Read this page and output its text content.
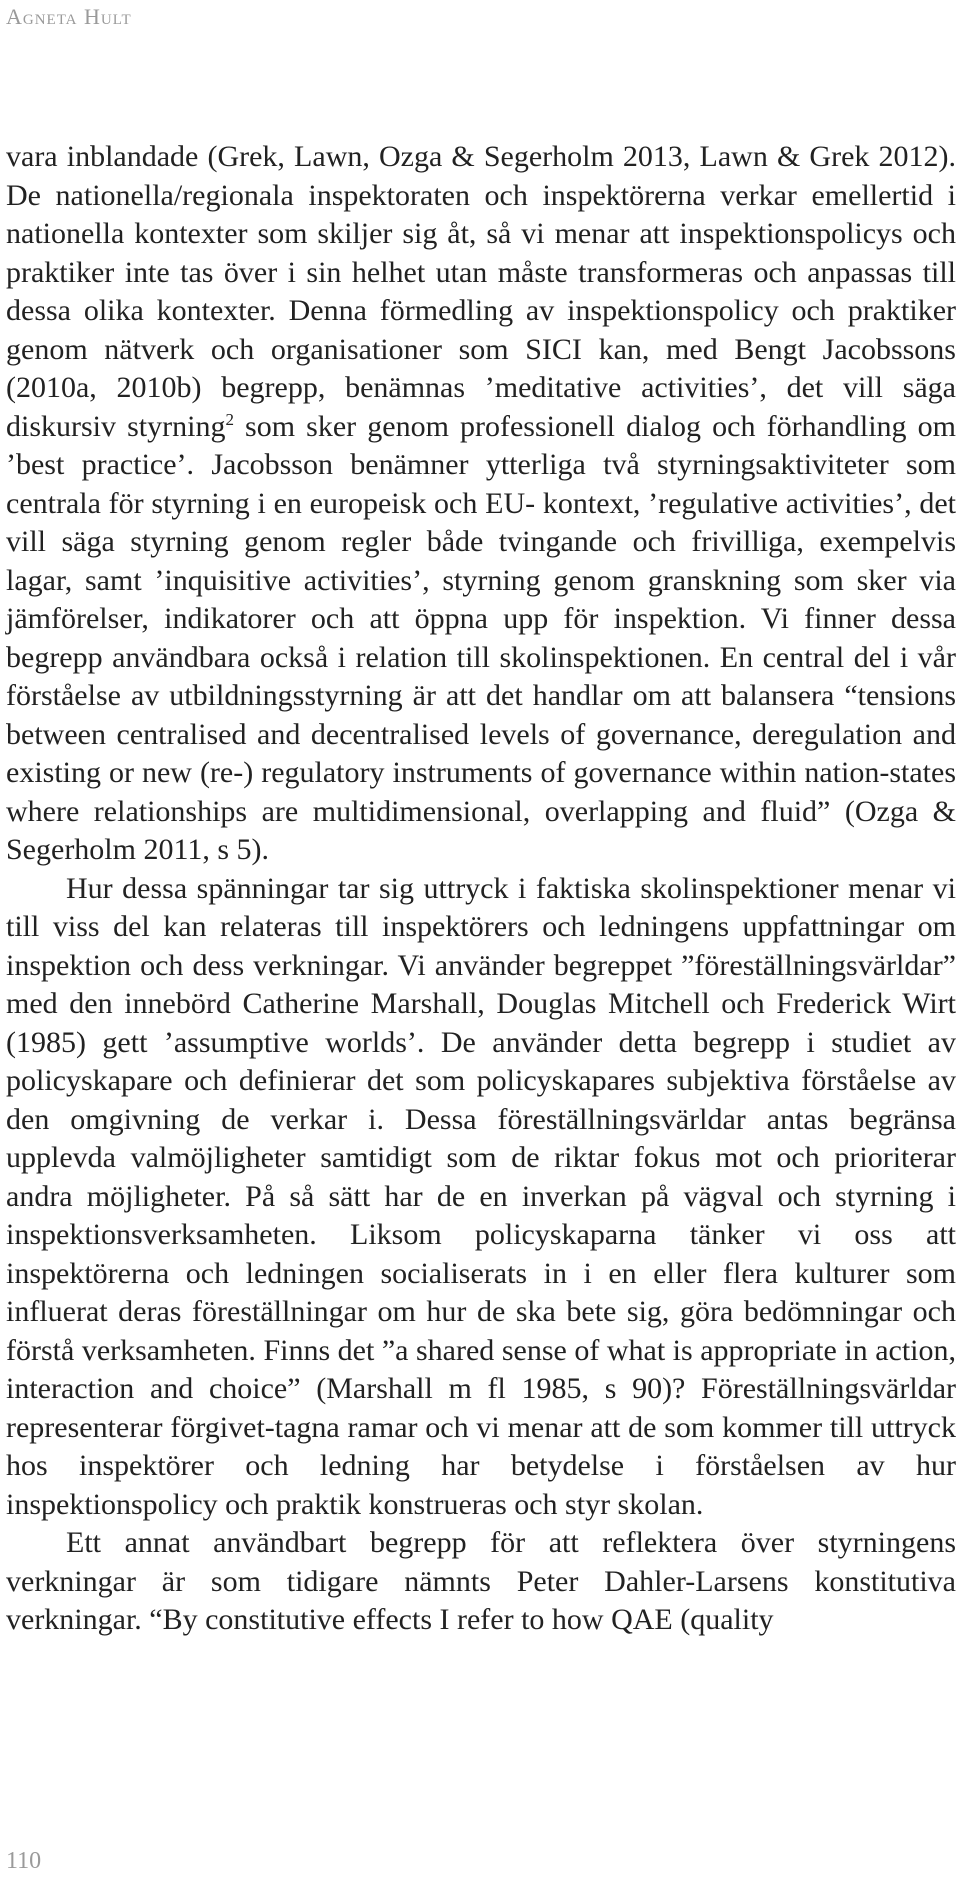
Agneta Hult

vara inblandade (Grek, Lawn, Ozga & Segerholm 2013, Lawn & Grek 2012). De nationella/regionala inspektoraten och inspektörerna verkar emellertid i nationella kontexter som skiljer sig åt, så vi menar att inspektionspolicys och praktiker inte tas över i sin helhet utan måste transformeras och anpassas till dessa olika kontexter. Denna förmedling av inspektionspolicy och praktiker genom nätverk och organisationer som SICI kan, med Bengt Jacobssons (2010a, 2010b) begrepp, benämnas ’meditative activities’, det vill säga diskursiv styrning$^2$ som sker genom professionell dialog och förhandling om ’best practice’. Jacobsson benämner ytterliga två styrningsaktiviteter som centrala för styrning i en europeisk och EU- kontext, ’regulative activities’, det vill säga styrning genom regler både tvingande och frivilliga, exempelvis lagar, samt ’inquisitive activities’, styrning genom granskning som sker via jämförelser, indikatorer och att öppna upp för inspektion. Vi finner dessa begrepp användbara också i relation till skolinspektionen. En central del i vår förståelse av utbildningsstyrning är att det handlar om att balansera “tensions between centralised and decentralised levels of governance, deregulation and existing or new (re-) regulatory instruments of governance within nation-states where relationships are multidimensional, overlapping and fluid” (Ozga & Segerholm 2011, s 5).

Hur dessa spänningar tar sig uttryck i faktiska skolinspektioner menar vi till viss del kan relateras till inspektörers och ledningens uppfattningar om inspektion och dess verkningar. Vi använder begreppet ”föreställningsvärldar” med den innebörd Catherine Marshall, Douglas Mitchell och Frederick Wirt (1985) gett ’assumptive worlds’. De använder detta begrepp i studiet av policyskapare och definierar det som policyskapares subjektiva förståelse av den omgivning de verkar i. Dessa föreställningsvärldar antas begränsa upplevda valmöjligheter samtidigt som de riktar fokus mot och prioriterar andra möjligheter. På så sätt har de en inverkan på vägval och styrning i inspektionsverksamheten. Liksom policyskaparna tänker vi oss att inspektörerna och ledningen socialiserats in i en eller flera kulturer som influerat deras föreställningar om hur de ska bete sig, göra bedömningar och förstå verksamheten. Finns det ”a shared sense of what is appropriate in action, interaction and choice” (Marshall m fl 1985, s 90)? Föreställningsvärldar representerar förgivet-tagna ramar och vi menar att de som kommer till uttryck hos inspektörer och ledning har betydelse i förståelsen av hur inspektionspolicy och praktik konstrueras och styr skolan.

Ett annat användbart begrepp för att reflektera över styrningens verkningar är som tidigare nämnts Peter Dahler-Larsens konstitutiva verkningar. “By constitutive effects I refer to how QAE (quality

110
